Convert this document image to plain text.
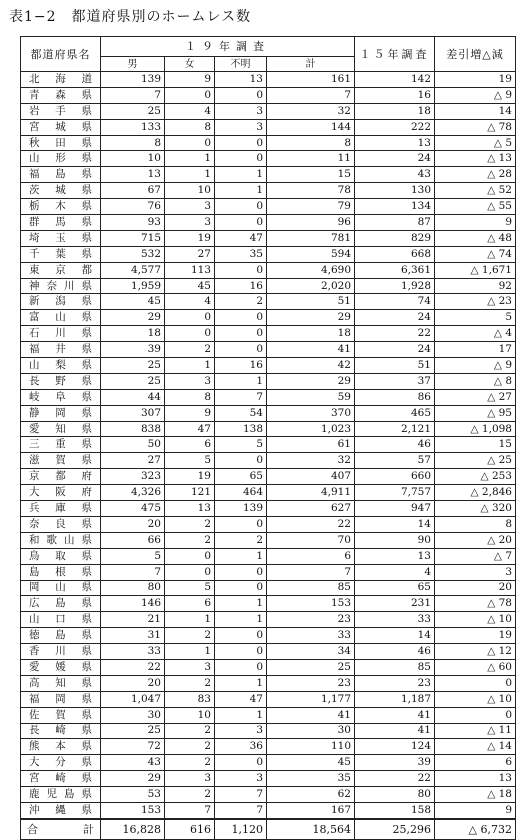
表1−2　都道府県別のホームレス数
都道府県名	１９年調査				１５年調査	差引増△減
	男	女	不明	計		
北海道	139	9	13	161	142	19
青森県	7	0	0	7	16	△ 9
岩手県	25	4	3	32	18	14
宮城県	133	8	3	144	222	△ 78
秋田県	8	0	0	8	13	△ 5
山形県	10	1	0	11	24	△ 13
福島県	13	1	1	15	43	△ 28
茨城県	67	10	1	78	130	△ 52
栃木県	76	3	0	79	134	△ 55
群馬県	93	3	0	96	87	9
埼玉県	715	19	47	781	829	△ 48
千葉県	532	27	35	594	668	△ 74
東京都	4,577	113	0	4,690	6,361	△ 1,671
神奈川県	1,959	45	16	2,020	1,928	92
新潟県	45	4	2	51	74	△ 23
富山県	29	0	0	29	24	5
石川県	18	0	0	18	22	△ 4
福井県	39	2	0	41	24	17
山梨県	25	1	16	42	51	△ 9
長野県	25	3	1	29	37	△ 8
岐阜県	44	8	7	59	86	△ 27
静岡県	307	9	54	370	465	△ 95
愛知県	838	47	138	1,023	2,121	△ 1,098
三重県	50	6	5	61	46	15
滋賀県	27	5	0	32	57	△ 25
京都府	323	19	65	407	660	△ 253
大阪府	4,326	121	464	4,911	7,757	△ 2,846
兵庫県	475	13	139	627	947	△ 320
奈良県	20	2	0	22	14	8
和歌山県	66	2	2	70	90	△ 20
鳥取県	5	0	1	6	13	△ 7
島根県	7	0	0	7	4	3
岡山県	80	5	0	85	65	20
広島県	146	6	1	153	231	△ 78
山口県	21	1	1	23	33	△ 10
徳島県	31	2	0	33	14	19
香川県	33	1	0	34	46	△ 12
愛媛県	22	3	0	25	85	△ 60
高知県	20	2	1	23	23	0
福岡県	1,047	83	47	1,177	1,187	△ 10
佐賀県	30	10	1	41	41	0
長崎県	25	2	3	30	41	△ 11
熊本県	72	2	36	110	124	△ 14
大分県	43	2	0	45	39	6
宮崎県	29	3	3	35	22	13
鹿児島県	53	2	7	62	80	△ 18
沖縄県	153	7	7	167	158	9
合計	16,828	616	1,120	18,564	25,296	△ 6,732
